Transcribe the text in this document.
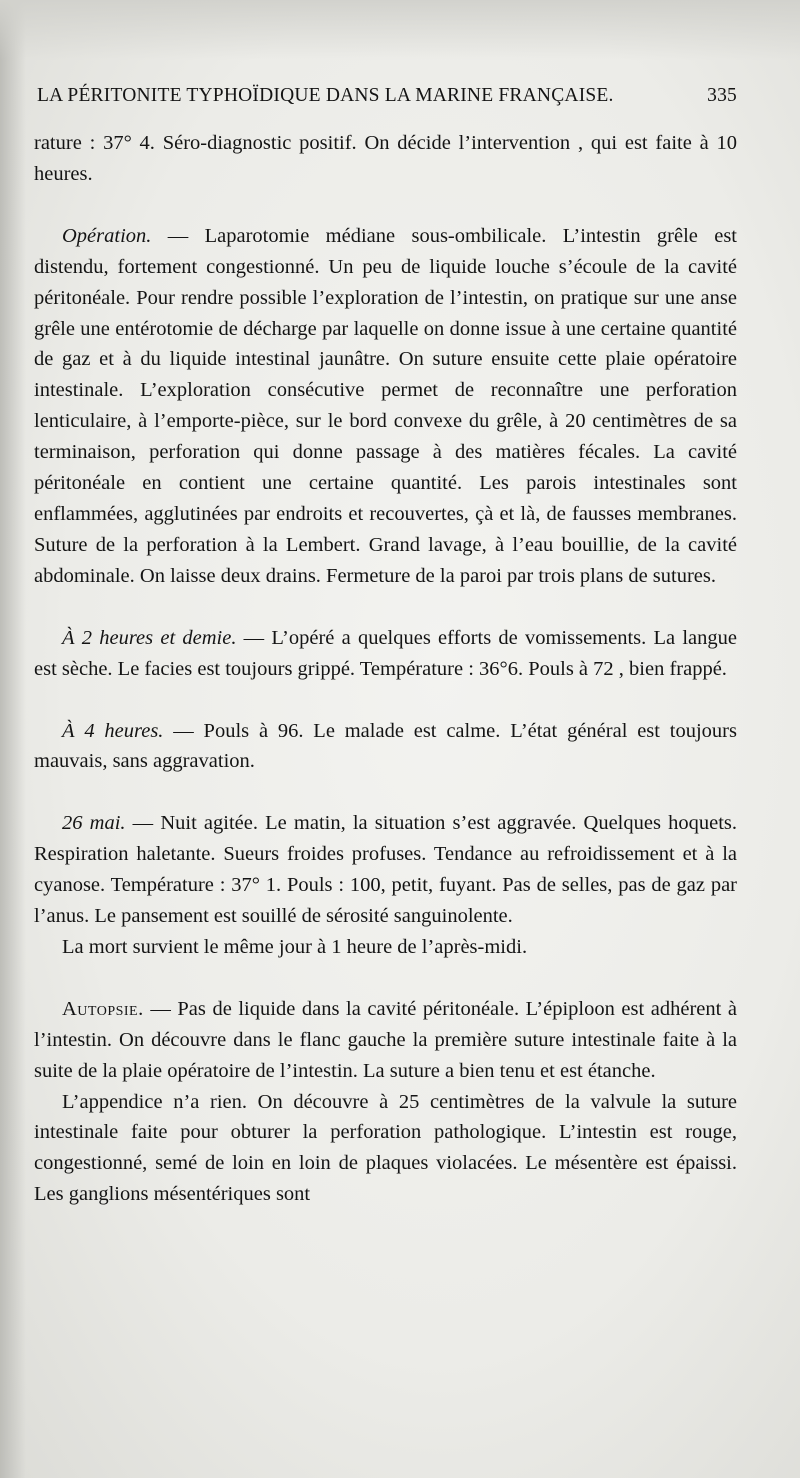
LA PÉRITONITE TYPHOÏDIQUE DANS LA MARINE FRANÇAISE.	335

rature : 37° 4. Séro-diagnostic positif. On décide l’intervention , qui est faite à 10 heures.

Opération. — Laparotomie médiane sous-ombilicale. L’intestin grêle est distendu, fortement congestionné. Un peu de liquide louche s’écoule de la cavité péritonéale. Pour rendre possible l’exploration de l’intestin, on pratique sur une anse grêle une entérotomie de décharge par laquelle on donne issue à une certaine quantité de gaz et à du liquide intestinal jaunâtre. On suture ensuite cette plaie opératoire intestinale. L’exploration consécutive permet de reconnaître une perforation lenticulaire, à l’emporte-pièce, sur le bord convexe du grêle, à 20 centimètres de sa terminaison, perforation qui donne passage à des matières fécales. La cavité péritonéale en contient une certaine quantité. Les parois intestinales sont enflammées, agglutinées par endroits et recouvertes, çà et là, de fausses membranes. Suture de la perforation à la Lembert. Grand lavage, à l’eau bouillie, de la cavité abdominale. On laisse deux drains. Fermeture de la paroi par trois plans de sutures.

À 2 heures et demie. — L’opéré a quelques efforts de vomissements. La langue est sèche. Le facies est toujours grippé. Température : 36°6. Pouls à 72 , bien frappé.

À 4 heures. — Pouls à 96. Le malade est calme. L’état général est toujours mauvais, sans aggravation.

26 mai. — Nuit agitée. Le matin, la situation s’est aggravée. Quelques hoquets. Respiration haletante. Sueurs froides profuses. Tendance au refroidissement et à la cyanose. Température : 37° 1. Pouls : 100, petit, fuyant. Pas de selles, pas de gaz par l’anus. Le pansement est souillé de sérosité sanguinolente.

La mort survient le même jour à 1 heure de l’après-midi.

Autopsie. — Pas de liquide dans la cavité péritonéale. L’épiploon est adhérent à l’intestin. On découvre dans le flanc gauche la première suture intestinale faite à la suite de la plaie opératoire de l’intestin. La suture a bien tenu et est étanche.

L’appendice n’a rien. On découvre à 25 centimètres de la valvule la suture intestinale faite pour obturer la perforation pathologique. L’intestin est rouge, congestionné, semé de loin en loin de plaques violacées. Le mésentère est épaissi. Les ganglions mésentériques sont
